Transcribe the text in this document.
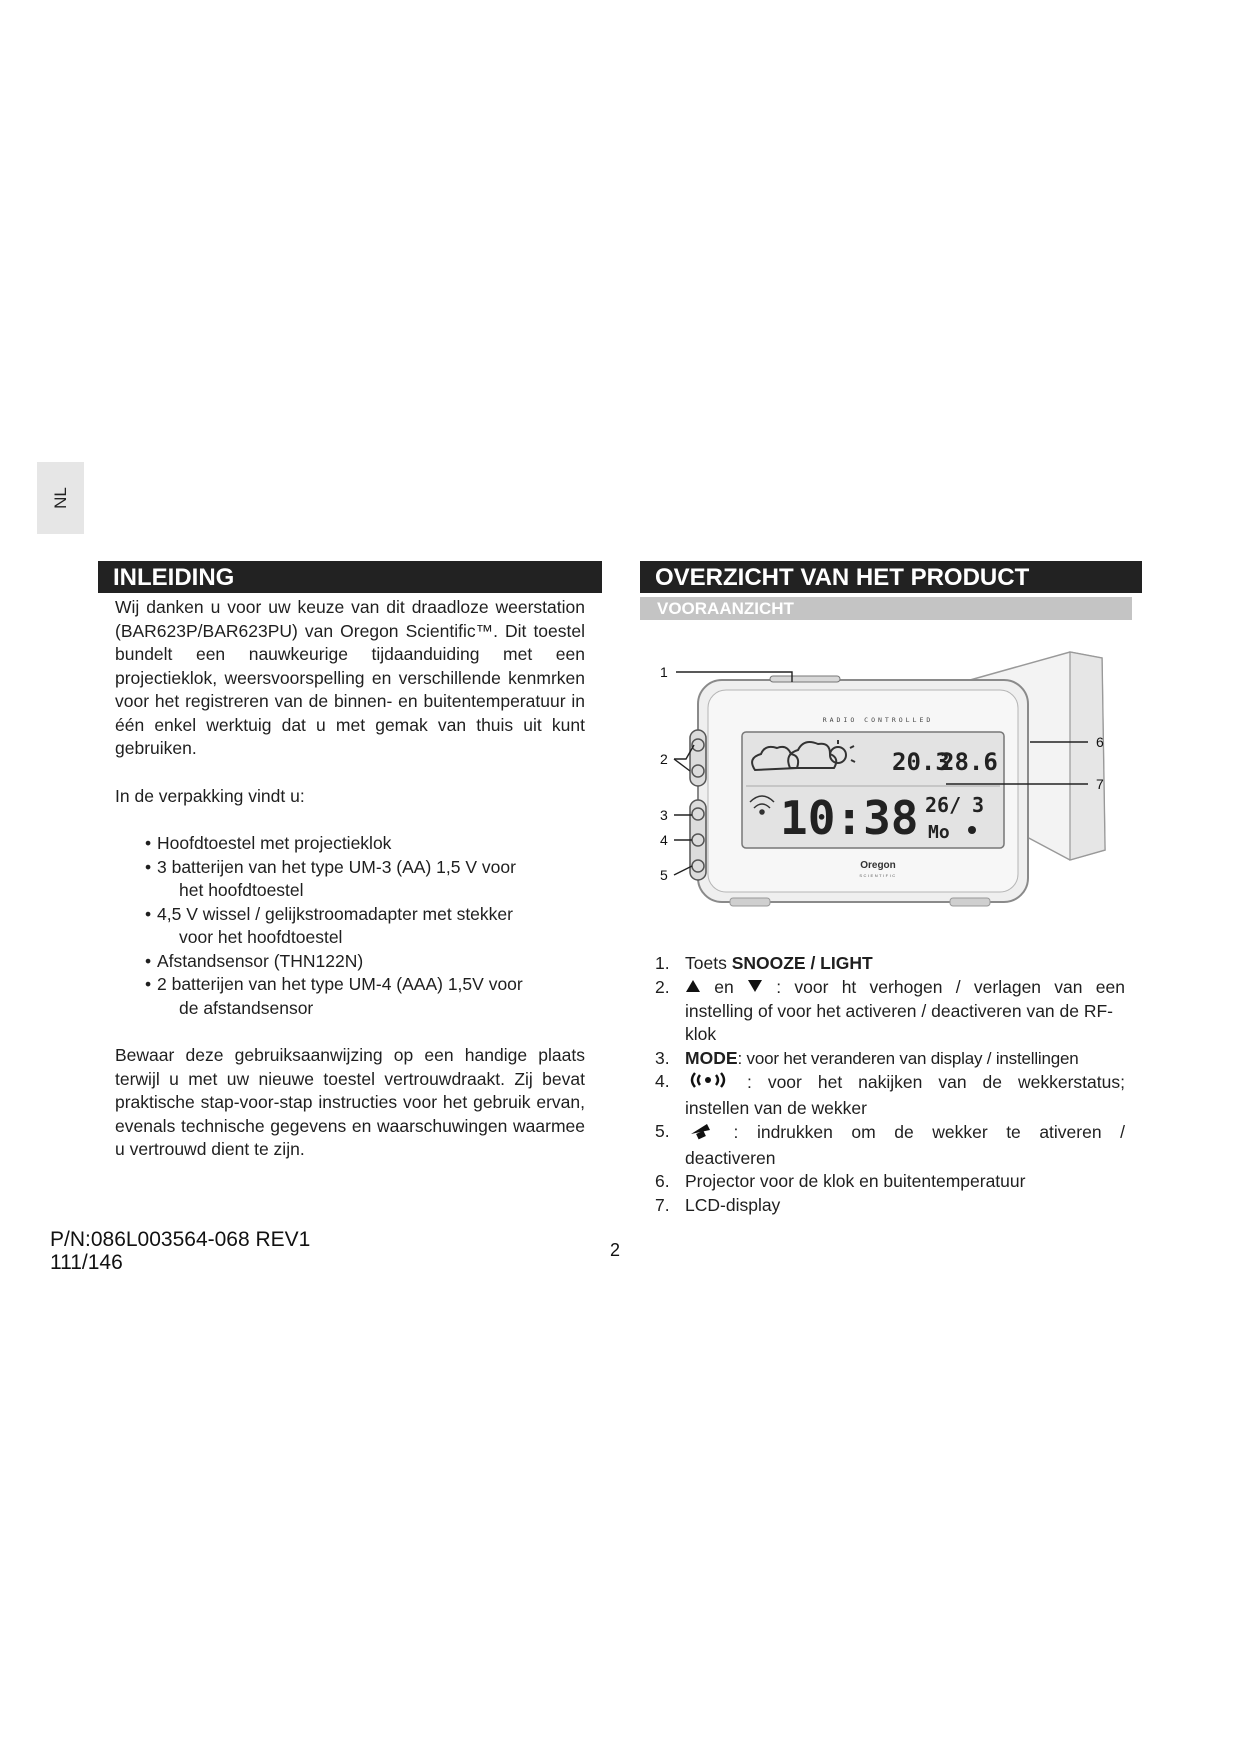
NL
INLEIDING	OVERZICHT VAN HET PRODUCT
VOORAANZICHT

Wij danken u voor uw keuze van dit draadloze weerstation (BAR623P/BAR623PU) van Oregon Scientific™. Dit toestel bundelt een nauwkeurige tijdaanduiding met een projectieklok, weersvoorspelling en verschillende kenmrken voor het registreren van de binnen- en buitentemperatuur in één enkel werktuig dat u met gemak van thuis uit kunt gebruiken.

In de verpakking vindt u:

• Hoofdtoestel met projectieklok
• 3 batterijen van het type UM-3 (AA) 1,5 V voor
het hoofdtoestel
• 4,5 V wissel / gelijkstroomadapter met stekker
voor het hoofdtoestel
• Afstandsensor (THN122N)
• 2 batterijen van het type UM-4 (AAA) 1,5V voor
de afstandsensor

Bewaar deze gebruiksaanwijzing op een handige plaats terwijl u met uw nieuwe toestel vertrouwdraakt. Zij bevat praktische stap-voor-stap instructies voor het gebruik ervan, evenals technische gegevens en waarschuwingen waarmee u vertrouwd dient te zijn.

RADIO CONTROLLED
20.3
28.6
10:38 26/
Mo
3
Oregon
SCIENTIFIC
1
2
3
4
5
6
7
1. Toets SNOOZE / LIGHT
2.	en : voor ht verhogen / verlagen van een
instelling of voor het activeren / deactiveren van de RF-klok
3. MODE: voor het veranderen van display / instellingen
4.	: voor het nakijken van de wekkerstatus;
instellen van de wekker
5.	: indrukken om de wekker te ativeren /
deactiveren
6. Projector voor de klok en buitentemperatuur
7. LCD-display
P/N:086L003564-068 REV1
111/146
2
